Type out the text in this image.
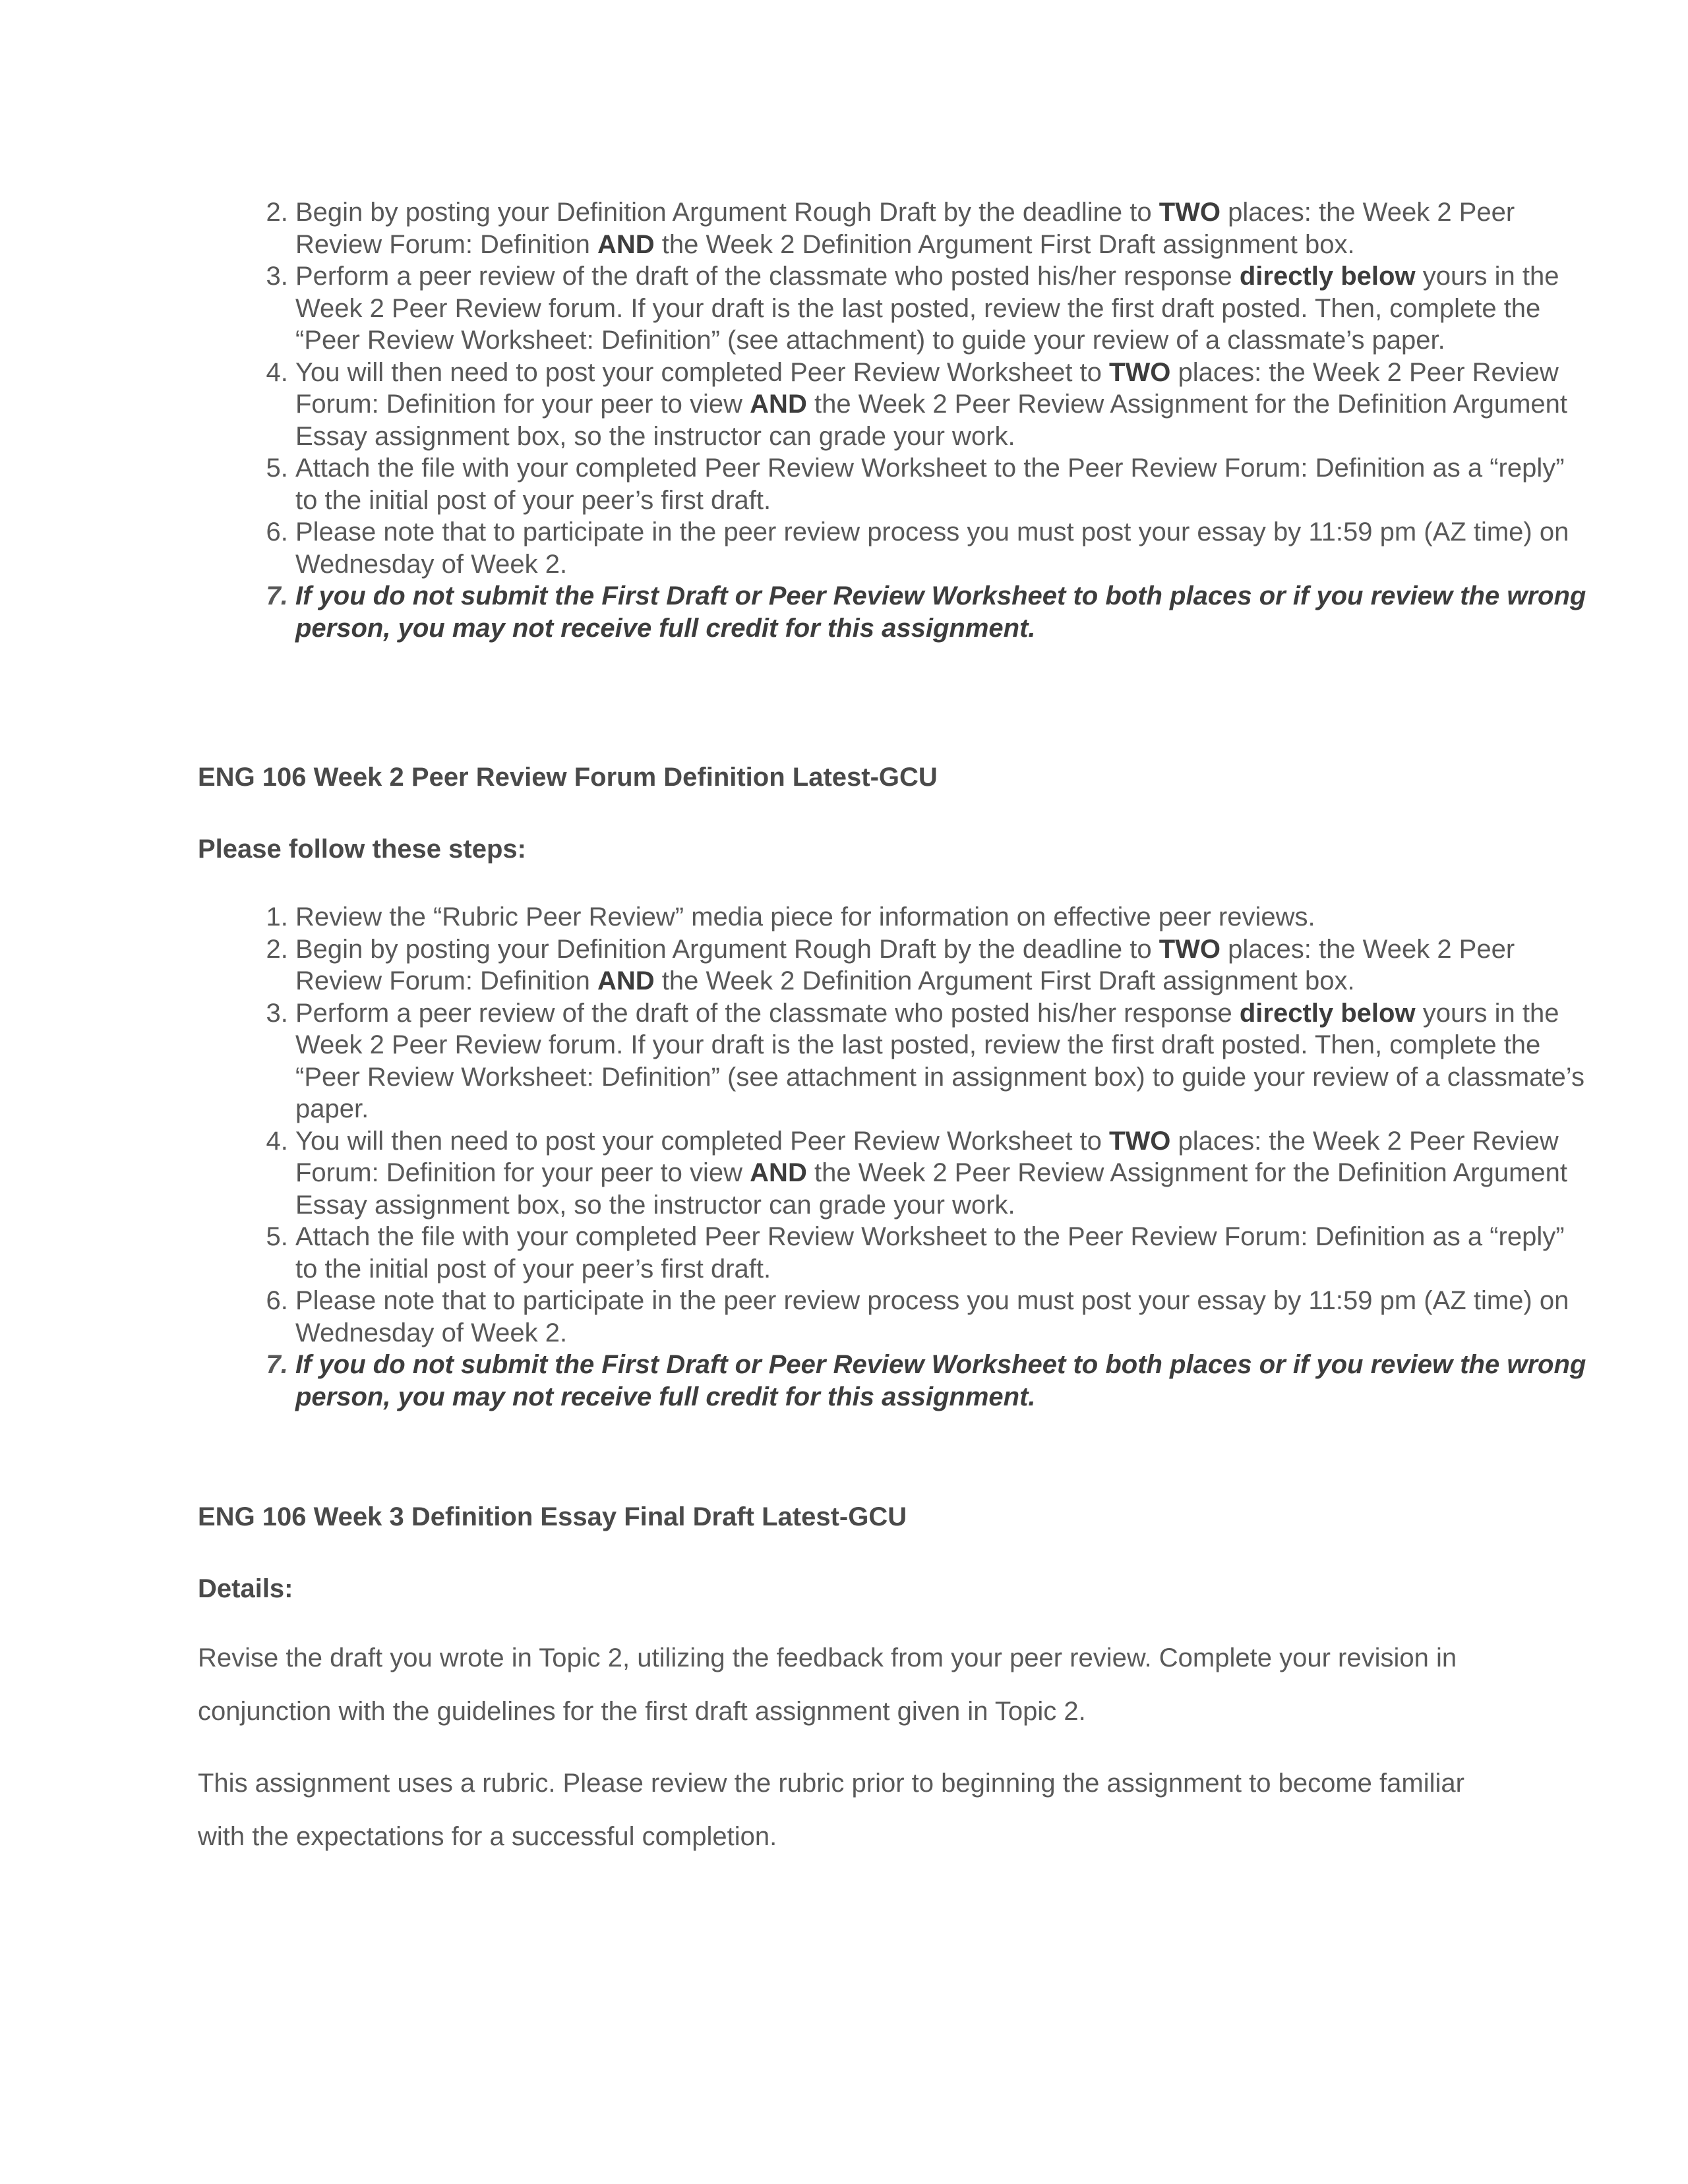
2. Begin by posting your Definition Argument Rough Draft by the deadline to TWO places: the Week 2 Peer Review Forum: Definition AND the Week 2 Definition Argument First Draft assignment box.
3. Perform a peer review of the draft of the classmate who posted his/her response directly below yours in the Week 2 Peer Review forum. If your draft is the last posted, review the first draft posted. Then, complete the “Peer Review Worksheet: Definition” (see attachment) to guide your review of a classmate’s paper.
4. You will then need to post your completed Peer Review Worksheet to TWO places: the Week 2 Peer Review Forum: Definition for your peer to view AND the Week 2 Peer Review Assignment for the Definition Argument Essay assignment box, so the instructor can grade your work.
5. Attach the file with your completed Peer Review Worksheet to the Peer Review Forum: Definition as a “reply” to the initial post of your peer’s first draft.
6. Please note that to participate in the peer review process you must post your essay by 11:59 pm (AZ time) on Wednesday of Week 2.
7. If you do not submit the First Draft or Peer Review Worksheet to both places or if you review the wrong person, you may not receive full credit for this assignment.
ENG 106 Week 2 Peer Review Forum Definition Latest-GCU
Please follow these steps:
1. Review the “Rubric Peer Review” media piece for information on effective peer reviews.
2. Begin by posting your Definition Argument Rough Draft by the deadline to TWO places: the Week 2 Peer Review Forum: Definition AND the Week 2 Definition Argument First Draft assignment box.
3. Perform a peer review of the draft of the classmate who posted his/her response directly below yours in the Week 2 Peer Review forum. If your draft is the last posted, review the first draft posted. Then, complete the “Peer Review Worksheet: Definition” (see attachment in assignment box) to guide your review of a classmate’s paper.
4. You will then need to post your completed Peer Review Worksheet to TWO places: the Week 2 Peer Review Forum: Definition for your peer to view AND the Week 2 Peer Review Assignment for the Definition Argument Essay assignment box, so the instructor can grade your work.
5. Attach the file with your completed Peer Review Worksheet to the Peer Review Forum: Definition as a “reply” to the initial post of your peer’s first draft.
6. Please note that to participate in the peer review process you must post your essay by 11:59 pm (AZ time) on Wednesday of Week 2.
7. If you do not submit the First Draft or Peer Review Worksheet to both places or if you review the wrong person, you may not receive full credit for this assignment.
ENG 106 Week 3 Definition Essay Final Draft Latest-GCU
Details:

Revise the draft you wrote in Topic 2, utilizing the feedback from your peer review. Complete your revision in conjunction with the guidelines for the first draft assignment given in Topic 2.

This assignment uses a rubric. Please review the rubric prior to beginning the assignment to become familiar with the expectations for a successful completion.
